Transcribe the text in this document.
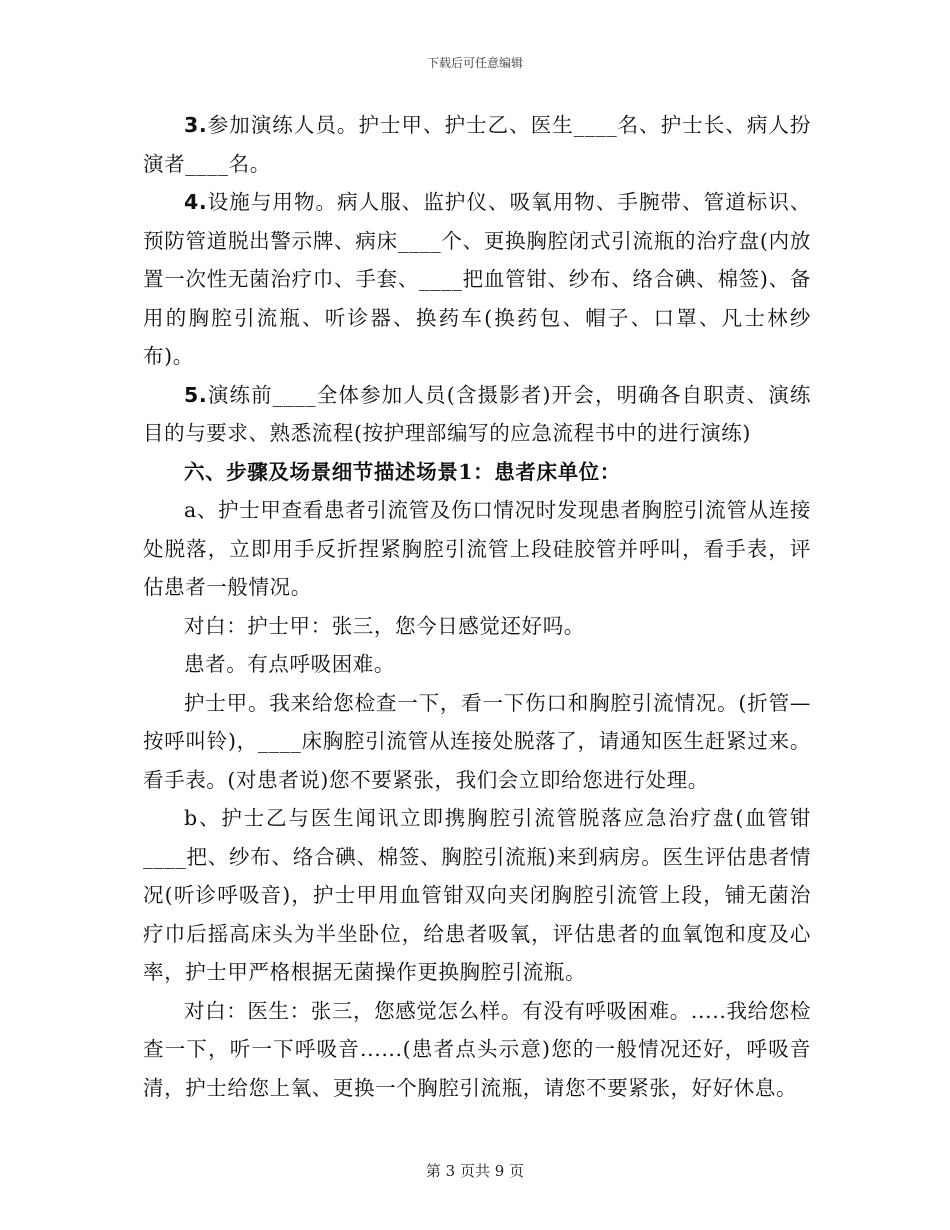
下载后可任意编辑

3.参加演练人员。护士甲、护士乙、医生____名、护士长、病人扮演者____名。

4.设施与用物。病人服、监护仪、吸氧用物、手腕带、管道标识、预防管道脱出警示牌、病床____个、更换胸腔闭式引流瓶的治疗盘(内放置一次性无菌治疗巾、手套、____把血管钳、纱布、络合碘、棉签)、备用的胸腔引流瓶、听诊器、换药车(换药包、帽子、口罩、凡士林纱布)。

5.演练前____全体参加人员(含摄影者)开会，明确各自职责、演练目的与要求、熟悉流程(按护理部编写的应急流程书中的进行演练)

六、步骤及场景细节描述场景1：患者床单位：

a、护士甲查看患者引流管及伤口情况时发现患者胸腔引流管从连接处脱落，立即用手反折捏紧胸腔引流管上段硅胶管并呼叫，看手表，评估患者一般情况。

对白：护士甲：张三，您今日感觉还好吗。

患者。有点呼吸困难。

护士甲。我来给您检查一下，看一下伤口和胸腔引流情况。(折管—按呼叫铃)，____床胸腔引流管从连接处脱落了，请通知医生赶紧过来。看手表。(对患者说)您不要紧张，我们会立即给您进行处理。

b、护士乙与医生闻讯立即携胸腔引流管脱落应急治疗盘(血管钳____把、纱布、络合碘、棉签、胸腔引流瓶)来到病房。医生评估患者情况(听诊呼吸音)，护士甲用血管钳双向夹闭胸腔引流管上段，铺无菌治疗巾后摇高床头为半坐卧位，给患者吸氧，评估患者的血氧饱和度及心率，护士甲严格根据无菌操作更换胸腔引流瓶。

对白：医生：张三，您感觉怎么样。有没有呼吸困难。.....我给您检查一下，听一下呼吸音......(患者点头示意)您的一般情况还好，呼吸音清，护士给您上氧、更换一个胸腔引流瓶，请您不要紧张，好好休息。

第 3 页共 9 页
